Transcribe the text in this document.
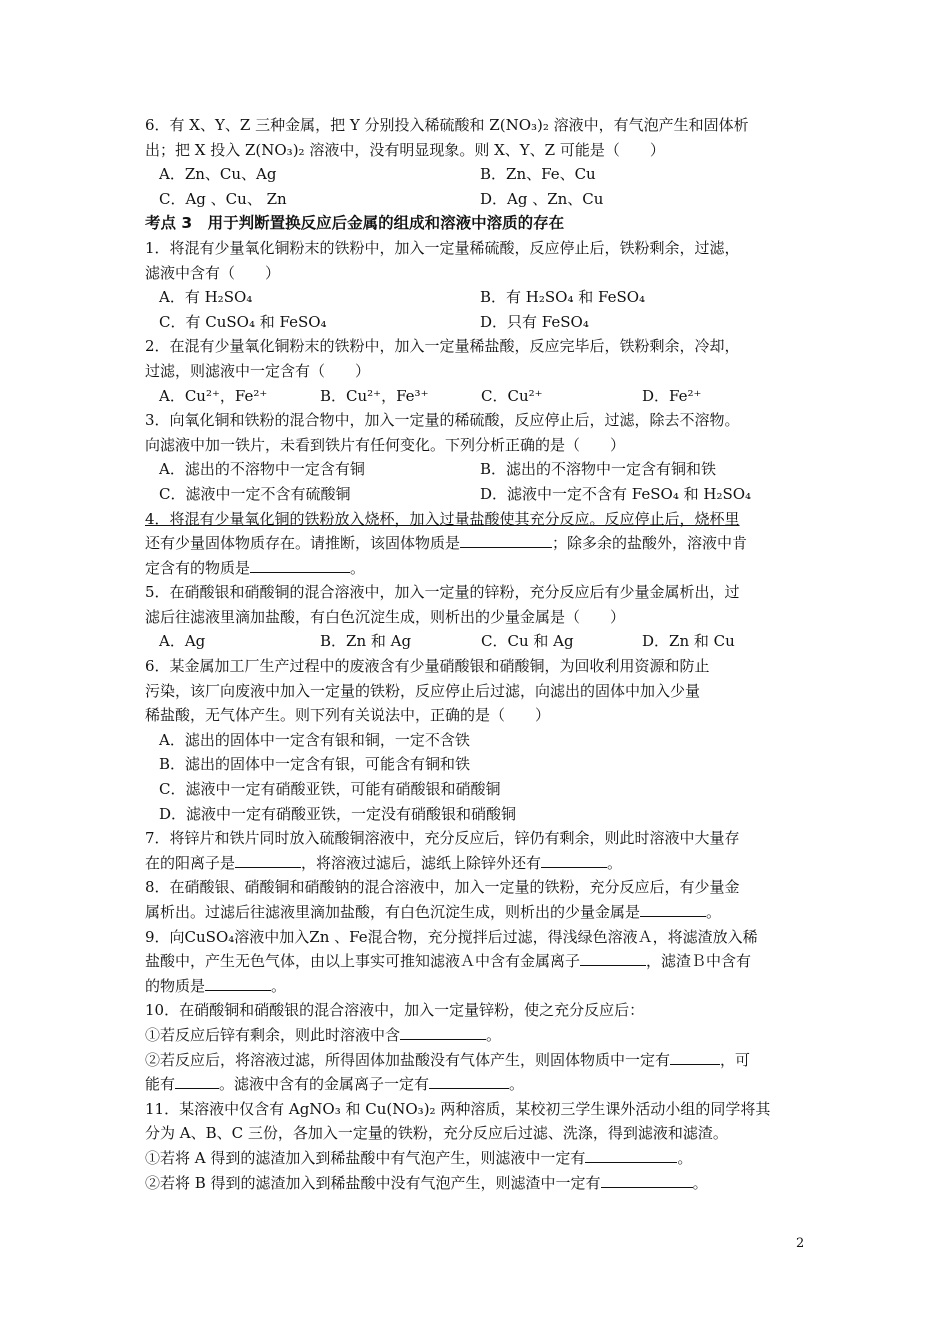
6．有 X、Y、Z 三种金属，把 Y 分别投入稀硫酸和 Z(NO₃)₂ 溶液中，有气泡产生和固体析

出；把 X 投入 Z(NO₃)₂ 溶液中，没有明显现象。则 X、Y、Z 可能是（　　）

A．Zn、Cu、Ag	B．Zn、Fe、Cu
C．Ag 、Cu、 Zn	D．Ag 、Zn、Cu

考点 3　用于判断置换反应后金属的组成和溶液中溶质的存在

1．将混有少量氧化铜粉末的铁粉中，加入一定量稀硫酸，反应停止后，铁粉剩余，过滤，

滤液中含有（　　）

A．有 H₂SO₄	B．有 H₂SO₄ 和 FeSO₄
C．有 CuSO₄ 和 FeSO₄	D．只有 FeSO₄

2．在混有少量氧化铜粉末的铁粉中，加入一定量稀盐酸，反应完毕后，铁粉剩余，冷却，

过滤，则滤液中一定含有（　　）

A．Cu²⁺，Fe²⁺	B．Cu²⁺，Fe³⁺	C．Cu²⁺	D．Fe²⁺

3．向氧化铜和铁粉的混合物中，加入一定量的稀硫酸，反应停止后，过滤，除去不溶物。

向滤液中加一铁片，未看到铁片有任何变化。下列分析正确的是（　　）

A．滤出的不溶物中一定含有铜	B．滤出的不溶物中一定含有铜和铁
C．滤液中一定不含有硫酸铜	D．滤液中一定不含有 FeSO₄ 和 H₂SO₄

4．将混有少量氧化铜的铁粉放入烧杯，加入过量盐酸使其充分反应。反应停止后，烧杯里

还有少量固体物质存在。请推断，该固体物质是	；除多余的盐酸外，溶液中肯

定含有的物质是	。

5．在硝酸银和硝酸铜的混合溶液中，加入一定量的锌粉，充分反应后有少量金属析出，过

滤后往滤液里滴加盐酸，有白色沉淀生成，则析出的少量金属是（　　）

A．Ag	B．Zn 和 Ag	C．Cu 和 Ag	D．Zn 和 Cu

6．某金属加工厂生产过程中的废液含有少量硝酸银和硝酸铜，为回收利用资源和防止

污染，该厂向废液中加入一定量的铁粉，反应停止后过滤，向滤出的固体中加入少量

稀盐酸，无气体产生。则下列有关说法中，正确的是（　　）

A．滤出的固体中一定含有银和铜，一定不含铁

B．滤出的固体中一定含有银，可能含有铜和铁

C．滤液中一定有硝酸亚铁，可能有硝酸银和硝酸铜

D．滤液中一定有硝酸亚铁，一定没有硝酸银和硝酸铜

7．将锌片和铁片同时放入硫酸铜溶液中，充分反应后，锌仍有剩余，则此时溶液中大量存

在的阳离子是	，将溶液过滤后，滤纸上除锌外还有	。

8．在硝酸银、硝酸铜和硝酸钠的混合溶液中，加入一定量的铁粉，充分反应后，有少量金

属析出。过滤后往滤液里滴加盐酸，有白色沉淀生成，则析出的少量金属是	。

9．向CuSO₄溶液中加入Zn 、Fe混合物，充分搅拌后过滤，得浅绿色溶液Ａ，将滤渣放入稀

盐酸中，产生无色气体，由以上事实可推知滤液Ａ中含有金属离子	，滤渣Ｂ中含有

的物质是	。

10．在硝酸铜和硝酸银的混合溶液中，加入一定量锌粉，使之充分反应后：

①若反应后锌有剩余，则此时溶液中含	。

②若反应后，将溶液过滤，所得固体加盐酸没有气体产生，则固体物质中一定有	，可

能有	。滤液中含有的金属离子一定有	。

11．某溶液中仅含有 AgNO₃ 和 Cu(NO₃)₂ 两种溶质，某校初三学生课外活动小组的同学将其

分为 A、B、C 三份，各加入一定量的铁粉，充分反应后过滤、洗涤，得到滤液和滤渣。

①若将 A 得到的滤渣加入到稀盐酸中有气泡产生，则滤液中一定有	。

②若将 B 得到的滤渣加入到稀盐酸中没有气泡产生，则滤渣中一定有	。

2
